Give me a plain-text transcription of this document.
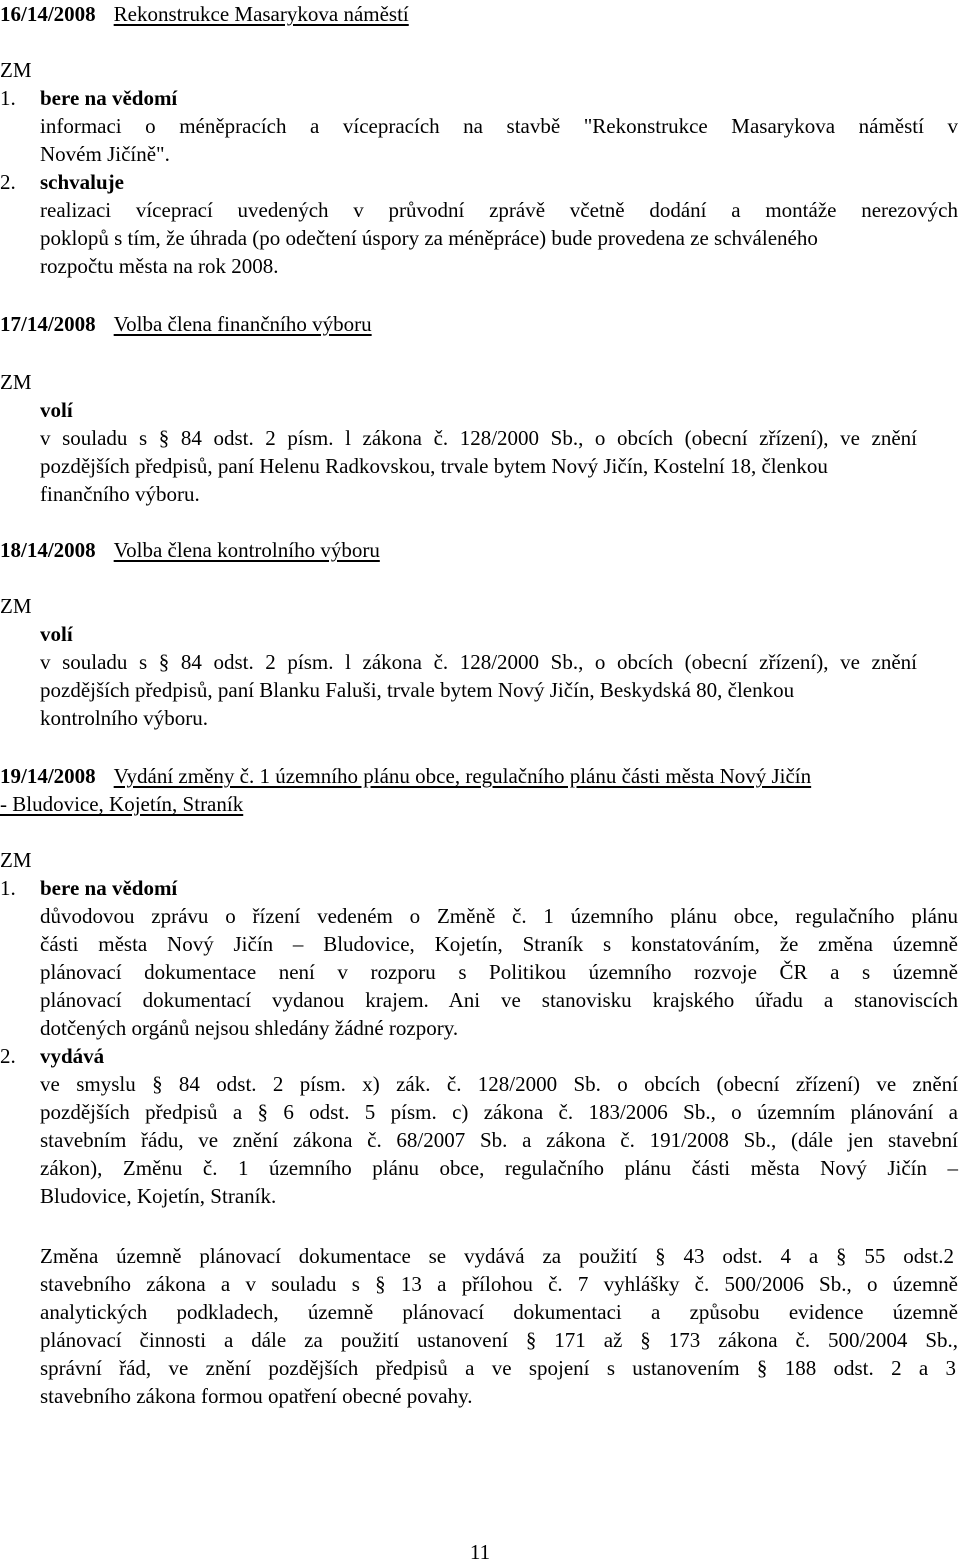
16/14/2008 Rekonstrukce Masarykova náměstí
ZM
1. bere na vědomí
informaci o méněpracích a vícepracích na stavbě "Rekonstrukce Masarykova náměstí v
Novém Jičíně".
2. schvaluje
realizaci víceprací uvedených v průvodní zprávě včetně dodání a montáže nerezových
poklopů s tím, že úhrada (po odečtení úspory za méněpráce) bude provedena ze schváleného
rozpočtu města na rok 2008.
17/14/2008 Volba člena finančního výboru
ZM
volí
v souladu s § 84 odst. 2 písm. l zákona č. 128/2000 Sb., o obcích (obecní zřízení), ve znění
pozdějších předpisů, paní Helenu Radkovskou, trvale bytem Nový Jičín, Kostelní 18, členkou
finančního výboru.
18/14/2008 Volba člena kontrolního výboru
ZM
volí
v souladu s § 84 odst. 2 písm. l zákona č. 128/2000 Sb., o obcích (obecní zřízení), ve znění
pozdějších předpisů, paní Blanku Faluši, trvale bytem Nový Jičín, Beskydská 80, členkou
kontrolního výboru.
19/14/2008 Vydání změny č. 1 územního plánu obce, regulačního plánu části města Nový Jičín
- Bludovice, Kojetín, Straník
ZM
1. bere na vědomí
důvodovou zprávu o řízení vedeném o Změně č. 1 územního plánu obce, regulačního plánu
části města Nový Jičín – Bludovice, Kojetín, Straník s konstatováním, že změna územně
plánovací dokumentace není v rozporu s Politikou územního rozvoje ČR a s územně
plánovací dokumentací vydanou krajem. Ani ve stanovisku krajského úřadu a stanoviscích
dotčených orgánů nejsou shledány žádné rozpory.
2. vydává
ve smyslu § 84 odst. 2 písm. x) zák. č. 128/2000 Sb. o obcích (obecní zřízení) ve znění
pozdějších předpisů a § 6 odst. 5 písm. c) zákona č. 183/2006 Sb., o územním plánování a
stavebním řádu, ve znění zákona č. 68/2007 Sb. a zákona č. 191/2008 Sb., (dále jen stavební
zákon), Změnu č. 1 územního plánu obce, regulačního plánu části města Nový Jičín –
Bludovice, Kojetín, Straník.
Změna územně plánovací dokumentace se vydává za použití § 43 odst. 4 a § 55 odst.2
stavebního zákona a v souladu s § 13 a přílohou č. 7 vyhlášky č. 500/2006 Sb., o územně
analytických podkladech, územně plánovací dokumentaci a způsobu evidence územně
plánovací činnosti a dále za použití ustanovení § 171 až § 173 zákona č. 500/2004 Sb.,
správní řád, ve znění pozdějších předpisů a ve spojení s ustanovením § 188 odst. 2 a 3
stavebního zákona formou opatření obecné povahy.
11
